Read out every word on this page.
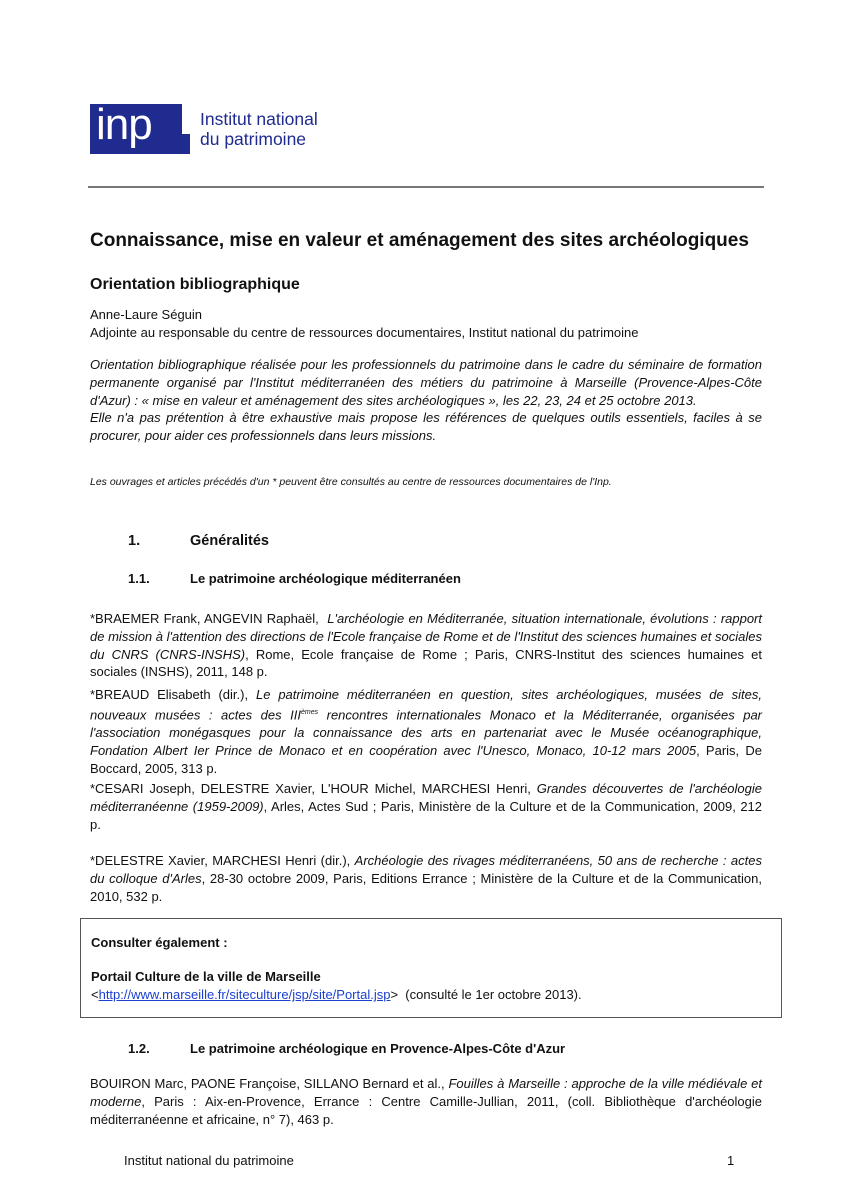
inp	Institut national
du patrimoine
Connaissance, mise en valeur et aménagement des sites archéologiques
Orientation bibliographique
Anne-Laure Séguin
Adjointe au responsable du centre de ressources documentaires, Institut national du patrimoine
Orientation bibliographique réalisée pour les professionnels du patrimoine dans le cadre du séminaire de formation permanente organisé par l'Institut méditerranéen des métiers du patrimoine à Marseille (Provence-Alpes-Côte d'Azur) : « mise en valeur et aménagement des sites archéologiques », les 22, 23, 24 et 25 octobre 2013.
Elle n'a pas prétention à être exhaustive mais propose les références de quelques outils essentiels, faciles à se procurer, pour aider ces professionnels dans leurs missions.
Les ouvrages et articles précédés d'un * peuvent être consultés au centre de ressources documentaires de l'Inp.
1.	Généralités
1.1.	Le patrimoine archéologique méditerranéen
*BRAEMER Frank, ANGEVIN Raphaël, L'archéologie en Méditerranée, situation internationale, évolutions : rapport de mission à l'attention des directions de l'Ecole française de Rome et de l'Institut des sciences humaines et sociales du CNRS (CNRS-INSHS), Rome, Ecole française de Rome ; Paris, CNRS-Institut des sciences humaines et sociales (INSHS), 2011, 148 p.
*BREAUD Elisabeth (dir.), Le patrimoine méditerranéen en question, sites archéologiques, musées de sites, nouveaux musées : actes des IIIèmes rencontres internationales Monaco et la Méditerranée, organisées par l'association monégasques pour la connaissance des arts en partenariat avec le Musée océanographique, Fondation Albert Ier Prince de Monaco et en coopération avec l'Unesco, Monaco, 10-12 mars 2005, Paris, De Boccard, 2005, 313 p.
*CESARI Joseph, DELESTRE Xavier, L'HOUR Michel, MARCHESI Henri, Grandes découvertes de l'archéologie méditerranéenne (1959-2009), Arles, Actes Sud ; Paris, Ministère de la Culture et de la Communication, 2009, 212 p.
*DELESTRE Xavier, MARCHESI Henri (dir.), Archéologie des rivages méditerranéens, 50 ans de recherche : actes du colloque d'Arles, 28-30 octobre 2009, Paris, Editions Errance ; Ministère de la Culture et de la Communication, 2010, 532 p.
Consulter également :
Portail Culture de la ville de Marseille
<http://www.marseille.fr/siteculture/jsp/site/Portal.jsp>  (consulté le 1er octobre 2013).
1.2.	Le patrimoine archéologique en Provence-Alpes-Côte d'Azur
BOUIRON Marc, PAONE Françoise, SILLANO Bernard et al., Fouilles à Marseille : approche de la ville médiévale et moderne, Paris : Aix-en-Provence, Errance : Centre Camille-Jullian, 2011, (coll. Bibliothèque d'archéologie méditerranéenne et africaine, n° 7), 463 p.
Institut national du patrimoine	1
